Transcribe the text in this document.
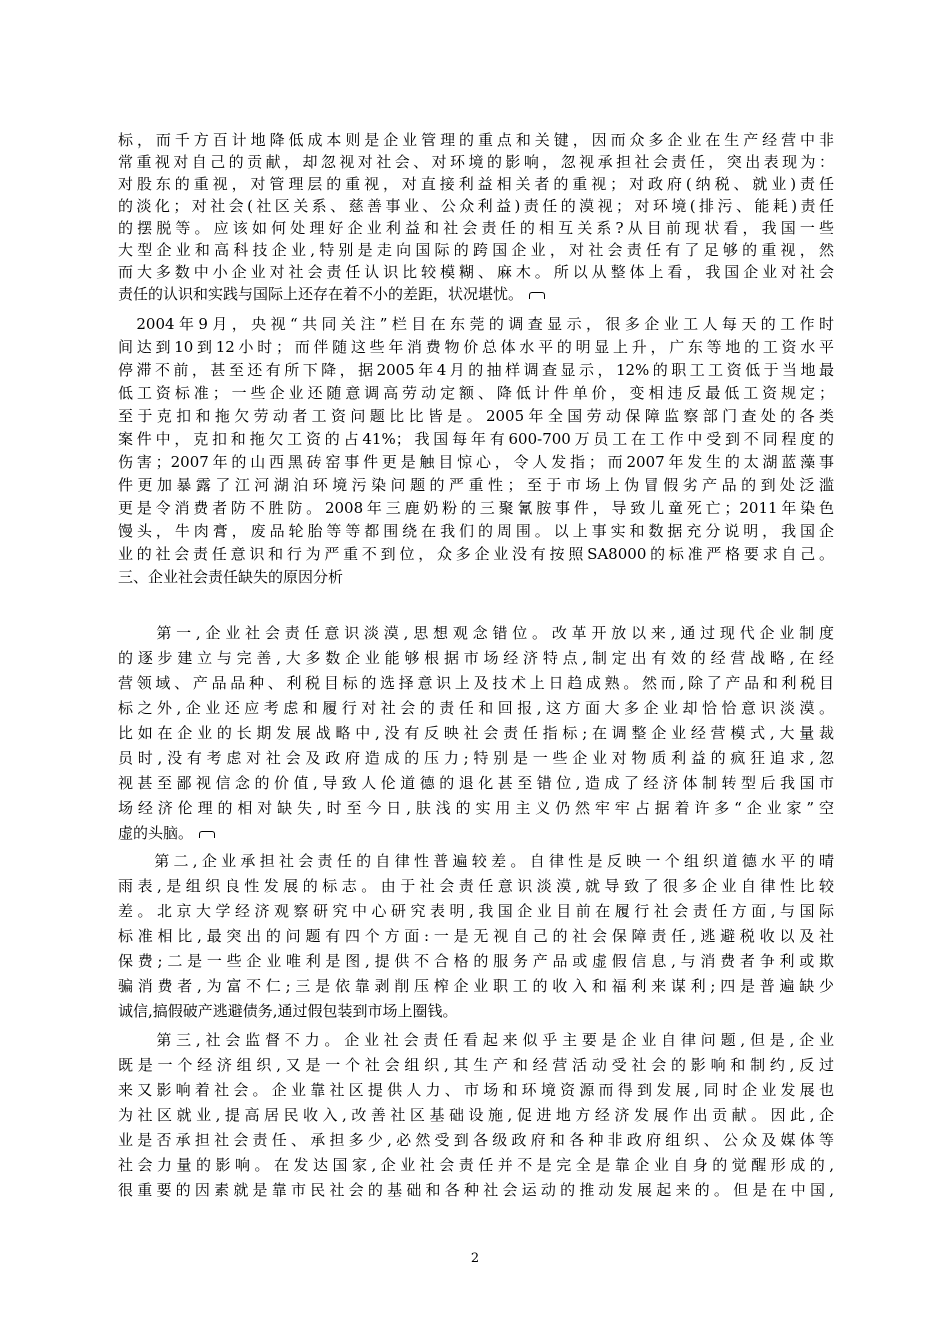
标，而千方百计地降低成本则是企业管理的重点和关键，因而众多企业在生产经营中非
常重视对自己的贡献，却忽视对社会、对环境的影响，忽视承担社会责任，突出表现为：
对股东的重视，对管理层的重视，对直接利益相关者的重视；对政府(纳税、就业)责任
的淡化；对社会(社区关系、慈善事业、公众利益)责任的漠视；对环境(排污、能耗)责任
的摆脱等。应该如何处理好企业利益和社会责任的相互关系?从目前现状看，我国一些
大型企业和高科技企业,特别是走向国际的跨国企业，对社会责任有了足够的重视，然
而大多数中小企业对社会责任认识比较模糊、麻木。所以从整体上看，我国企业对社会
责任的认识和实践与国际上还存在着不小的差距，状况堪忧。
2004年9月，央视“共同关注”栏目在东莞的调查显示，很多企业工人每天的工作时
间达到10到12小时；而伴随这些年消费物价总体水平的明显上升，广东等地的工资水平
停滞不前，甚至还有所下降，据2005年4月的抽样调查显示，12%的职工工资低于当地最
低工资标准；一些企业还随意调高劳动定额、降低计件单价，变相违反最低工资规定；
至于克扣和拖欠劳动者工资问题比比皆是。2005年全国劳动保障监察部门查处的各类
案件中，克扣和拖欠工资的占41%；我国每年有600-700万员工在工作中受到不同程度的
伤害；2007年的山西黑砖窑事件更是触目惊心，令人发指；而2007年发生的太湖蓝藻事
件更加暴露了江河湖泊环境污染问题的严重性；至于市场上伪冒假劣产品的到处泛滥
更是令消费者防不胜防。2008年三鹿奶粉的三聚氰胺事件，导致儿童死亡；2011年染色
馒头，牛肉膏，废品轮胎等等都围绕在我们的周围。以上事实和数据充分说明，我国企
业的社会责任意识和行为严重不到位，众多企业没有按照SA8000的标准严格要求自己。
三、企业社会责任缺失的原因分析
第一,企业社会责任意识淡漠,思想观念错位。改革开放以来,通过现代企业制度
的逐步建立与完善,大多数企业能够根据市场经济特点,制定出有效的经营战略,在经
营领域、产品品种、利税目标的选择意识上及技术上日趋成熟。然而,除了产品和利税目
标之外,企业还应考虑和履行对社会的责任和回报,这方面大多企业却恰恰意识淡漠。
比如在企业的长期发展战略中,没有反映社会责任指标;在调整企业经营模式,大量裁
员时,没有考虑对社会及政府造成的压力;特别是一些企业对物质利益的疯狂追求,忽
视甚至鄙视信念的价值,导致人伦道德的退化甚至错位,造成了经济体制转型后我国市
场经济伦理的相对缺失,时至今日,肤浅的实用主义仍然牢牢占据着许多“企业家”空
虚的头脑。
第二,企业承担社会责任的自律性普遍较差。自律性是反映一个组织道德水平的晴
雨表,是组织良性发展的标志。由于社会责任意识淡漠,就导致了很多企业自律性比较
差。北京大学经济观察研究中心研究表明,我国企业目前在履行社会责任方面,与国际
标准相比,最突出的问题有四个方面:一是无视自己的社会保障责任,逃避税收以及社
保费;二是一些企业唯利是图,提供不合格的服务产品或虚假信息,与消费者争利或欺
骗消费者,为富不仁;三是依靠剥削压榨企业职工的收入和福利来谋利;四是普遍缺少
诚信,搞假破产逃避债务,通过假包装到市场上圈钱。
第三,社会监督不力。企业社会责任看起来似乎主要是企业自律问题,但是,企业
既是一个经济组织,又是一个社会组织,其生产和经营活动受社会的影响和制约,反过
来又影响着社会。企业靠社区提供人力、市场和环境资源而得到发展,同时企业发展也
为社区就业,提高居民收入,改善社区基础设施,促进地方经济发展作出贡献。因此,企
业是否承担社会责任、承担多少,必然受到各级政府和各种非政府组织、公众及媒体等
社会力量的影响。在发达国家,企业社会责任并不是完全是靠企业自身的觉醒形成的,
很重要的因素就是靠市民社会的基础和各种社会运动的推动发展起来的。但是在中国,
2
